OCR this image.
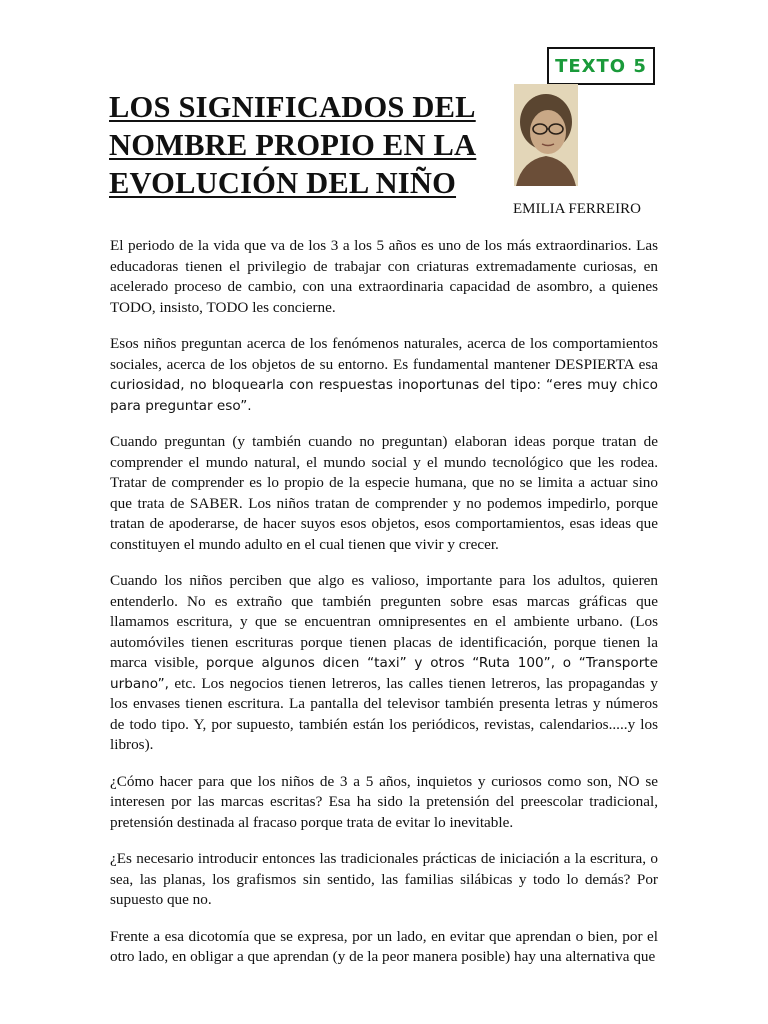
TEXTO 5
LOS SIGNIFICADOS DEL
NOMBRE PROPIO EN LA
EVOLUCIÓN DEL NIÑO
EMILIA FERREIRO

El periodo de la vida que va de los 3 a los 5 años es uno de los más extraordinarios. Las educadoras tienen el privilegio de trabajar con criaturas extremadamente curiosas, en acelerado proceso de cambio, con una extraordinaria capacidad de asombro, a quienes TODO, insisto, TODO les concierne.

Esos niños preguntan acerca de los fenómenos naturales, acerca de los comportamientos sociales, acerca de los objetos de su entorno. Es fundamental mantener DESPIERTA esa curiosidad, no bloquearla con respuestas inoportunas del tipo: “eres muy chico para preguntar eso”.

Cuando preguntan (y también cuando no preguntan) elaboran ideas porque tratan de comprender el mundo natural, el mundo social y el mundo tecnológico que les rodea. Tratar de comprender es lo propio de la especie humana, que no se limita a actuar sino que trata de SABER. Los niños tratan de comprender y no podemos impedirlo, porque tratan de apoderarse, de hacer suyos esos objetos, esos comportamientos, esas ideas que constituyen el mundo adulto en el cual tienen que vivir y crecer.

Cuando los niños perciben que algo es valioso, importante para los adultos, quieren entenderlo. No es extraño que también pregunten sobre esas marcas gráficas que llamamos escritura, y que se encuentran omnipresentes en el ambiente urbano. (Los automóviles tienen escrituras porque tienen placas de identificación, porque tienen la marca visible, porque algunos dicen “taxi” y otros “Ruta 100”, o “Transporte urbano”, etc. Los negocios tienen letreros, las calles tienen letreros, las propagandas y los envases tienen escritura. La pantalla del televisor también presenta letras y números de todo tipo. Y, por supuesto, también están los periódicos, revistas, calendarios.....y los libros).

¿Cómo hacer para que los niños de 3 a 5 años, inquietos y curiosos como son, NO se interesen por las marcas escritas? Esa ha sido la pretensión del preescolar tradicional, pretensión destinada al fracaso porque trata de evitar lo inevitable.

¿Es necesario introducir entonces las tradicionales prácticas de iniciación a la escritura, o sea, las planas, los grafismos sin sentido, las familias silábicas y todo lo demás? Por supuesto que no.

Frente a esa dicotomía que se expresa, por un lado, en evitar que aprendan o bien, por el otro lado, en obligar a que aprendan (y de la peor manera posible) hay una alternativa que
